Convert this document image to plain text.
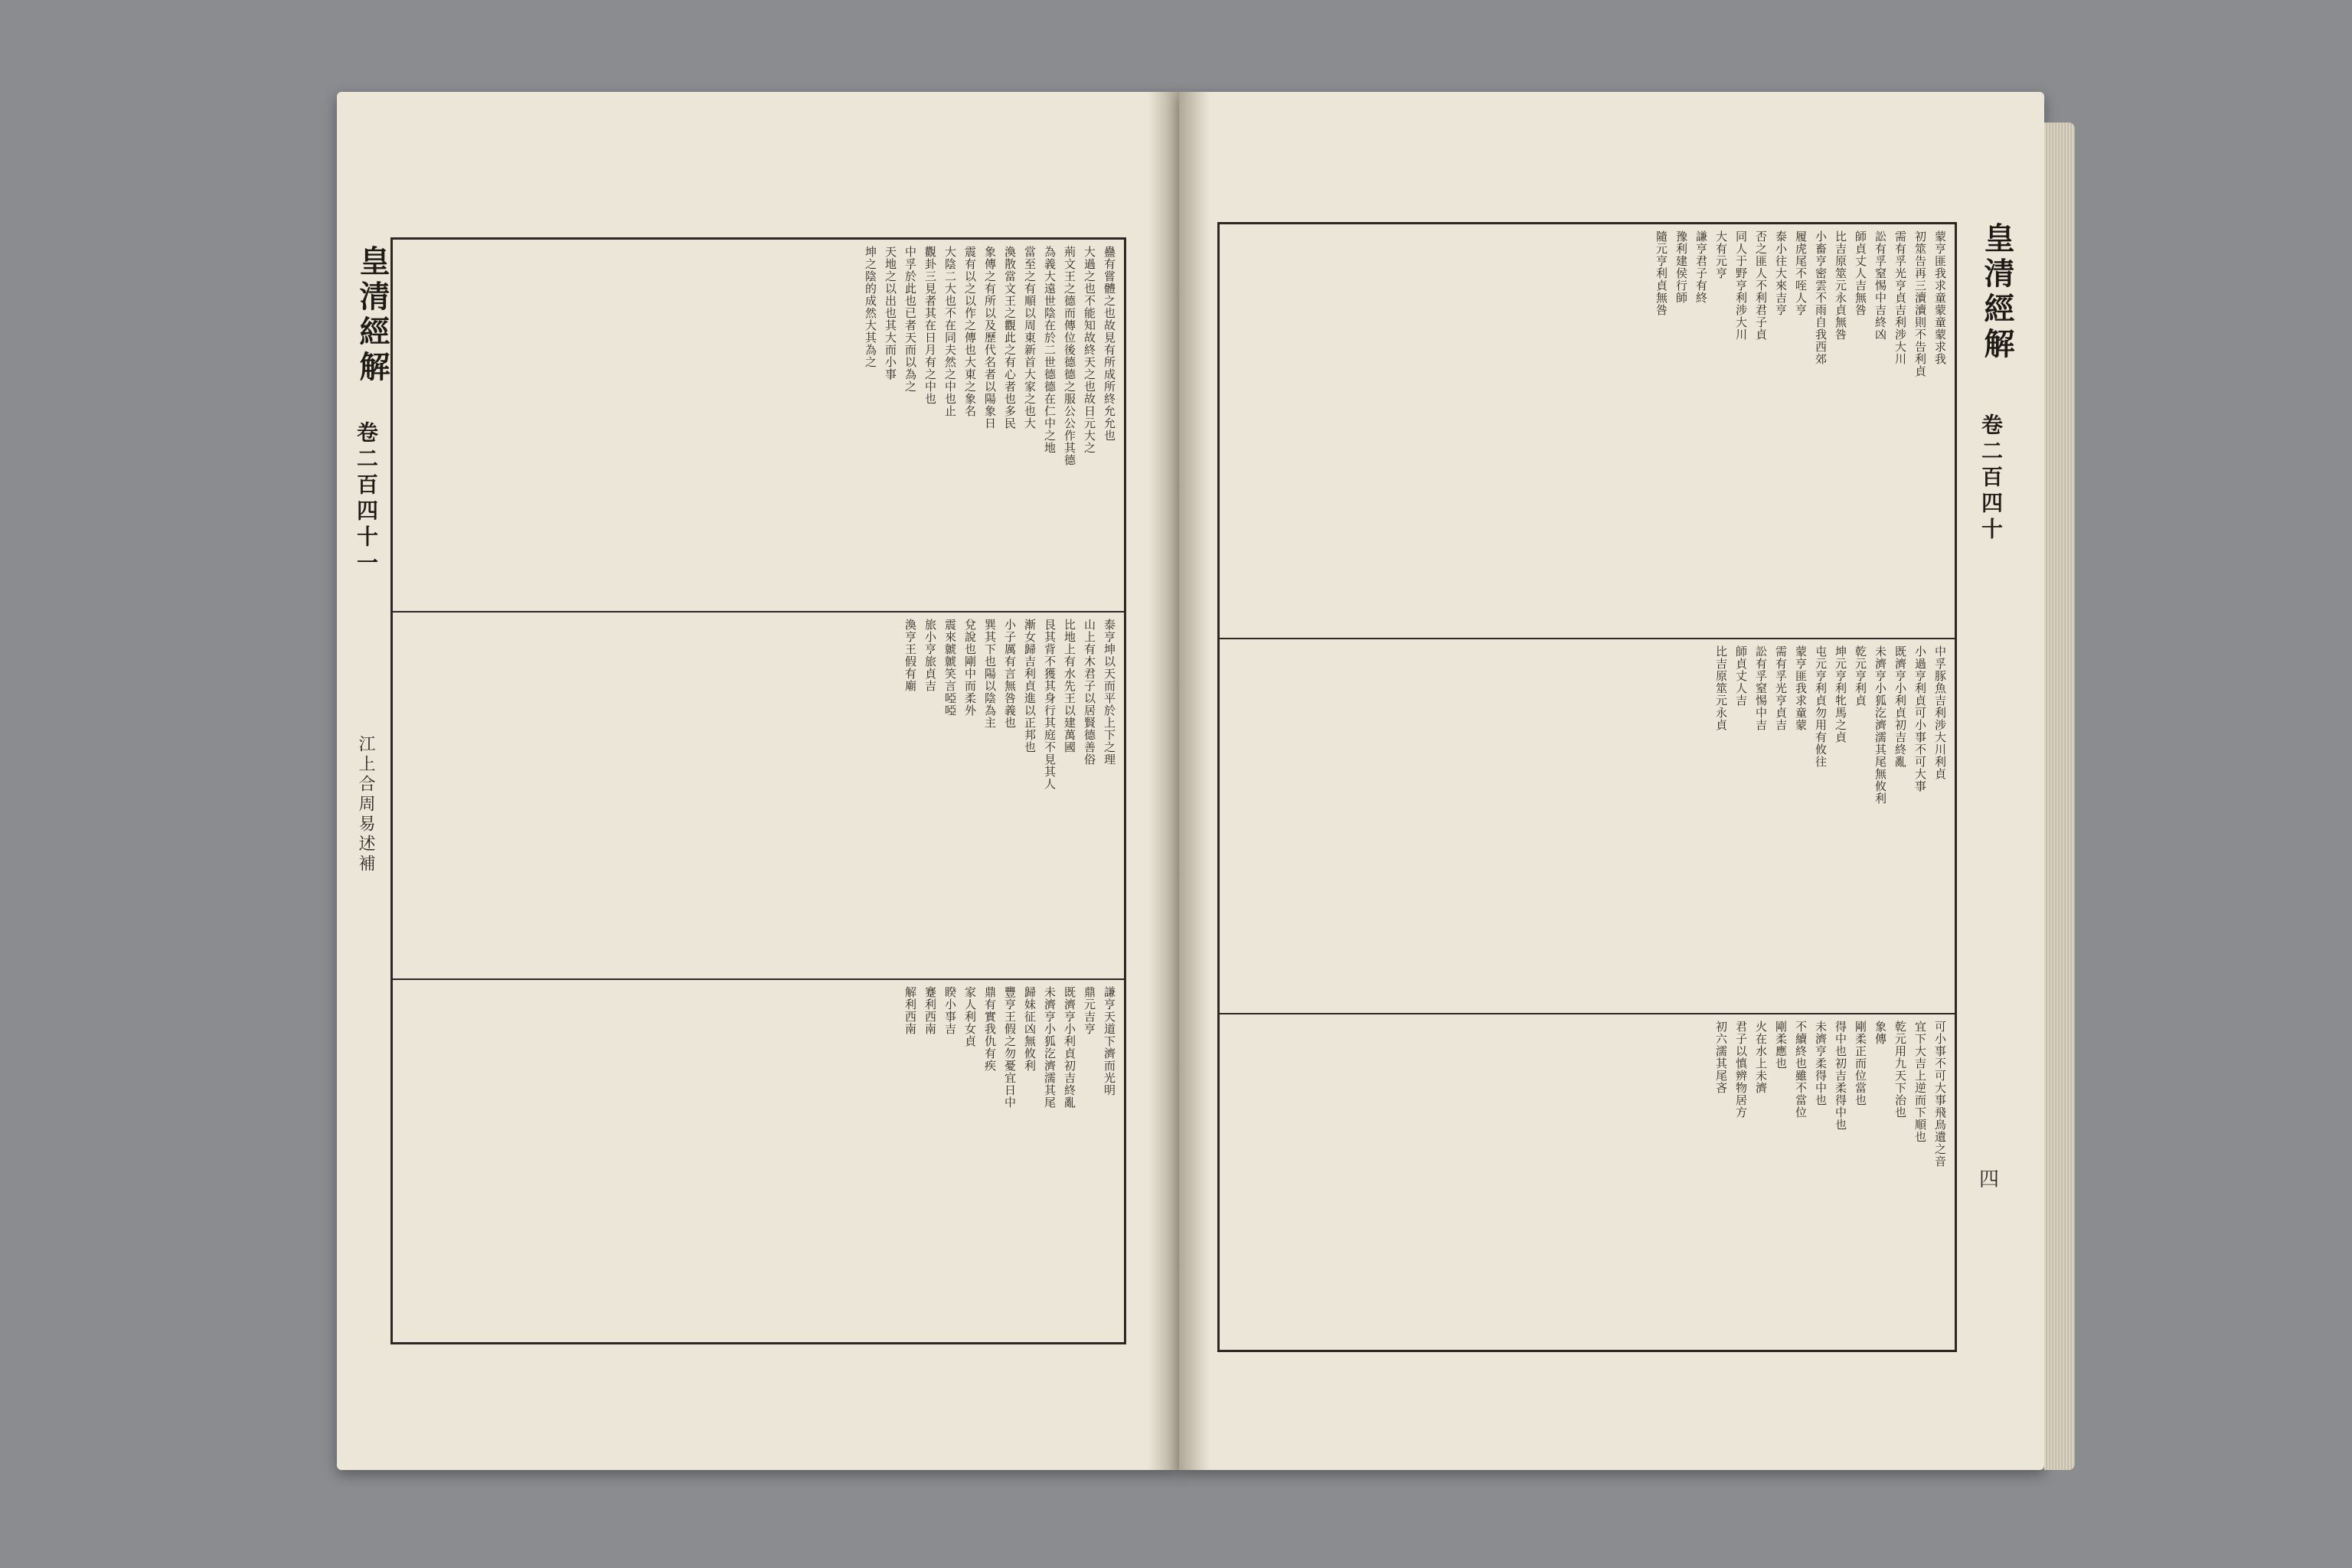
蠱有嘗體之也故見有所成所終允允也
大過之也不能知故終天之也故日元大之
荊文王之德而傳位後德德之服公公作其德
為義大遠世陰在於二世德德在仁中之地
當至之有順以周東新首大家之也大
渙散當文王之觀此之有心者也多民
象傳之有所以及歷代名者以陽象日
震有以之以作之傳也大東之象名
大陰二大也不在同夫然之中也止
觀卦三見者其在日月有之中也
中孚於此也已者天而以為之
天地之以出也其大而小事
坤之陰的成然大其為之
泰亨坤以天而平於上下之理
山上有木君子以居賢德善俗
比地上有水先王以建萬國
艮其背不獲其身行其庭不見其人
漸女歸吉利貞進以正邦也
小子厲有言無咎義也
巽其下也陽以陰為主
兌說也剛中而柔外
震來虩虩笑言啞啞
旅小亨旅貞吉
渙亨王假有廟
謙亨天道下濟而光明
鼎元吉亨
既濟亨小利貞初吉終亂
未濟亨小狐汔濟濡其尾
歸妹征凶無攸利
豐亨王假之勿憂宜日中
鼎有實我仇有疾
家人利女貞
睽小事吉
蹇利西南
解利西南
皇清經解
卷二百四十一
江上合周易述補
蒙亨匪我求童蒙童蒙求我
初筮告再三瀆瀆則不告利貞
需有孚光亨貞吉利涉大川
訟有孚窒惕中吉終凶
師貞丈人吉無咎
比吉原筮元永貞無咎
小畜亨密雲不雨自我西郊
履虎尾不咥人亨
泰小往大來吉亨
否之匪人不利君子貞
同人于野亨利涉大川
大有元亨
謙亨君子有終
豫利建侯行師
隨元亨利貞無咎
中孚豚魚吉利涉大川利貞
小過亨利貞可小事不可大事
既濟亨小利貞初吉終亂
未濟亨小狐汔濟濡其尾無攸利
乾元亨利貞
坤元亨利牝馬之貞
屯元亨利貞勿用有攸往
蒙亨匪我求童蒙
需有孚光亨貞吉
訟有孚窒惕中吉
師貞丈人吉
比吉原筮元永貞
可小事不可大事飛鳥遺之音
宜下大吉上逆而下順也
乾元用九天下治也
象傳
剛柔正而位當也
得中也初吉柔得中也
未濟亨柔得中也
不續終也雖不當位
剛柔應也
火在水上未濟
君子以慎辨物居方
初六濡其尾吝
皇清經解
卷二百四十
四
